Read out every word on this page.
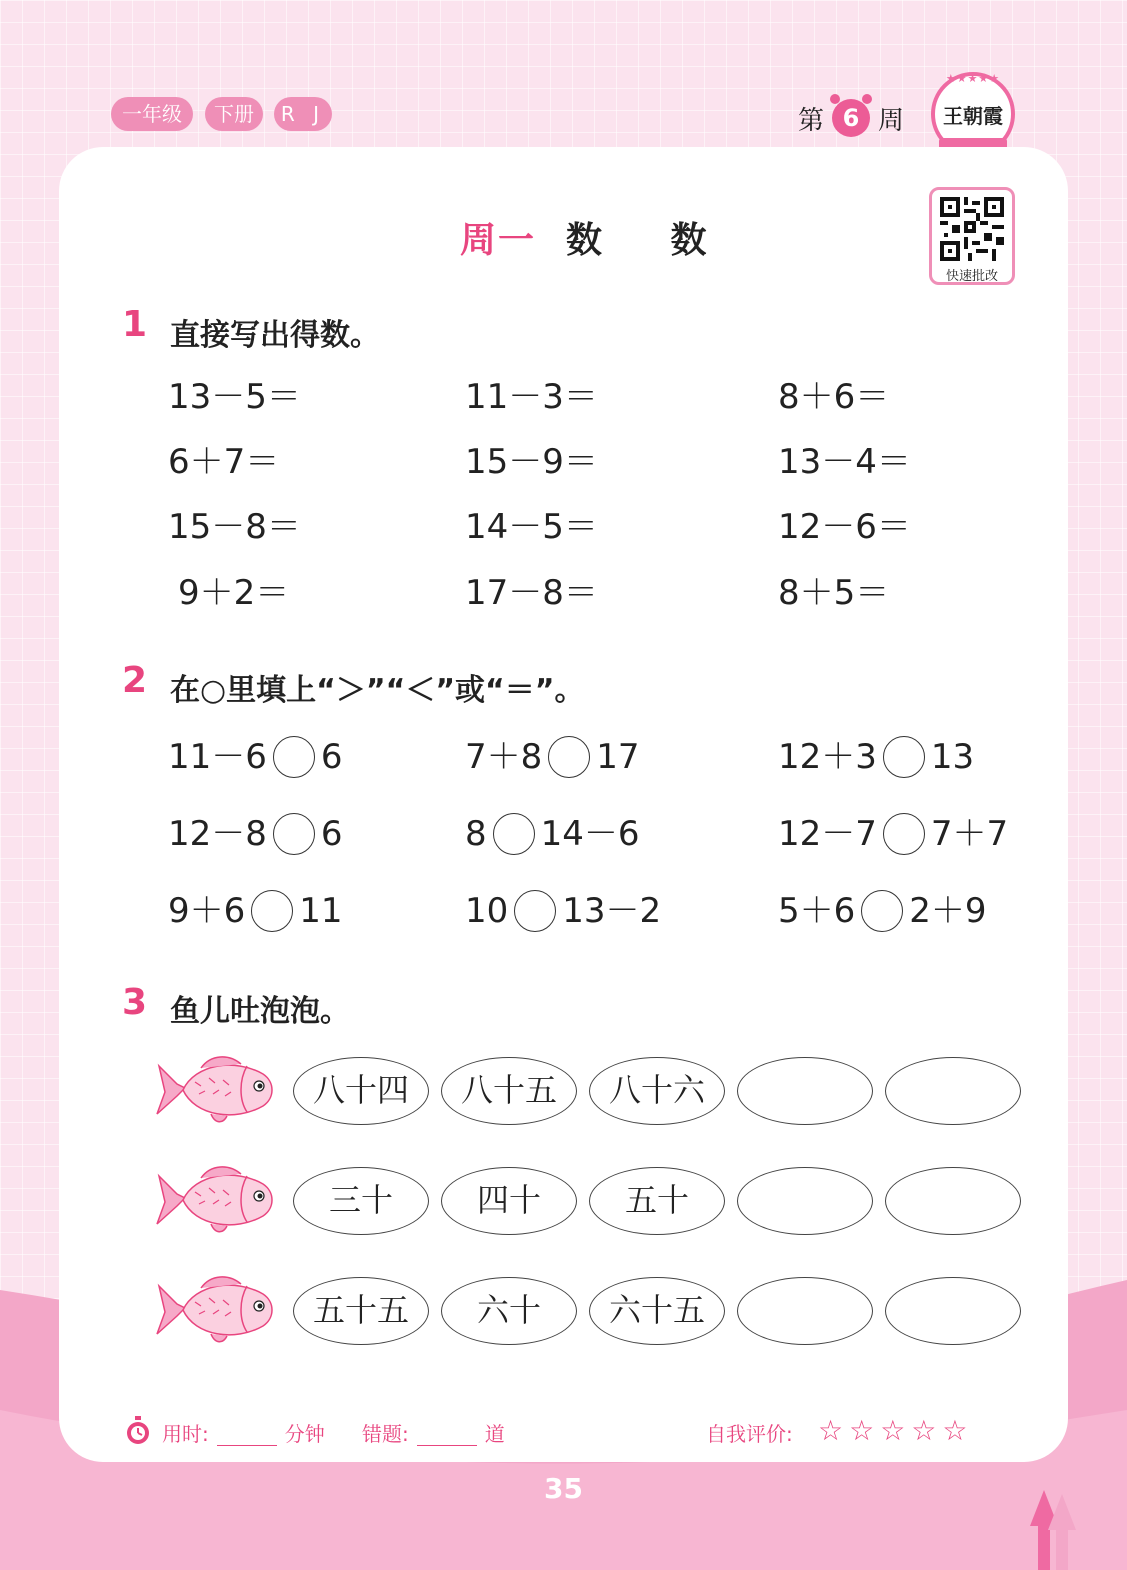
一年级	下册	R J	第 6 周
★★★★★
王朝霞
周一 数 数
快速批改
1 直接写出得数。
13－5＝	11－3＝	8＋6＝
6＋7＝	15－9＝	13－4＝
15－8＝	14－5＝	12－6＝
9＋2＝	17－8＝	8＋5＝
2 在○里填上“＞”“＜”或“＝”。
11－6 6	7＋8 17	12＋3 13
12－8 6	8 14－6	12－7 7＋7
9＋6 11	10 13－2	5＋6 2＋9
3 鱼儿吐泡泡。
八十四	八十五	八十六
三十	四十	五十
五十五	六十	六十五
用时:	分钟 错题:	道	自我评价: ☆☆☆☆☆
35
